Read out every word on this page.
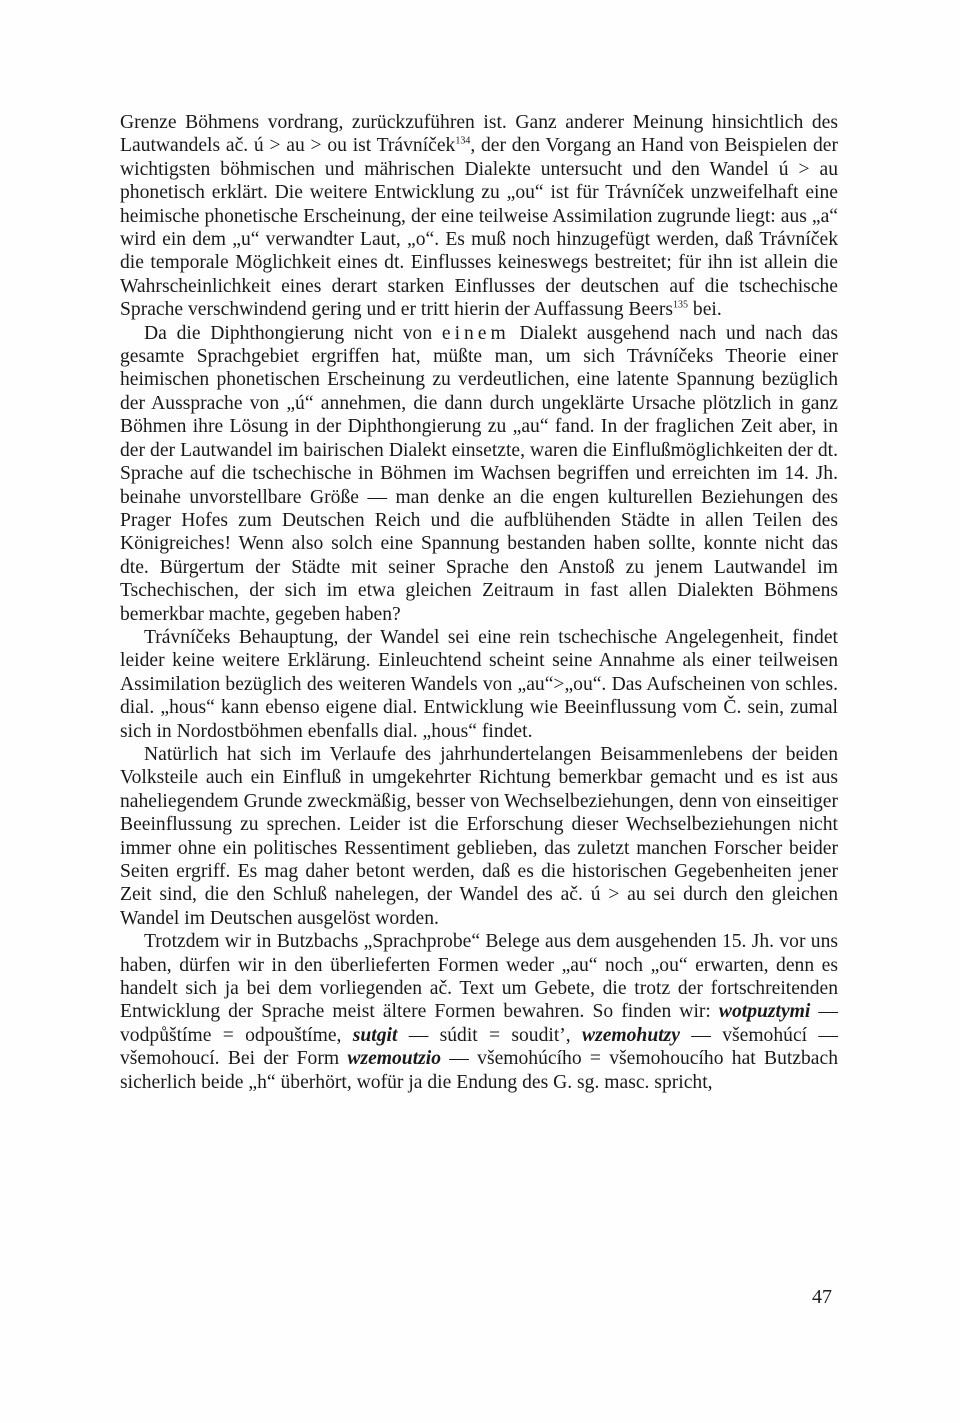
Grenze Böhmens vordrang, zurückzuführen ist. Ganz anderer Meinung hinsichtlich des Lautwandels ač. ú > au > ou ist Trávníček$^{134}$, der den Vorgang an Hand von Beispielen der wichtigsten böhmischen und mährischen Dialekte untersucht und den Wandel ú > au phonetisch erklärt. Die weitere Entwicklung zu „ou“ ist für Trávníček unzweifelhaft eine heimische phonetische Erscheinung, der eine teilweise Assimilation zugrunde liegt: aus „a“ wird ein dem „u“ verwandter Laut, „o“. Es muß noch hinzugefügt werden, daß Trávníček die temporale Möglichkeit eines dt. Einflusses keineswegs bestreitet; für ihn ist allein die Wahrscheinlichkeit eines derart starken Einflusses der deutschen auf die tschechische Sprache verschwindend gering und er tritt hierin der Auffassung Beers$^{135}$ bei.

Da die Diphthongierung nicht von einem Dialekt ausgehend nach und nach das gesamte Sprachgebiet ergriffen hat, müßte man, um sich Trávníčeks Theorie einer heimischen phonetischen Erscheinung zu verdeutlichen, eine latente Spannung bezüglich der Aussprache von „ú“ annehmen, die dann durch ungeklärte Ursache plötzlich in ganz Böhmen ihre Lösung in der Diphthongierung zu „au“ fand. In der fraglichen Zeit aber, in der der Lautwandel im bairischen Dialekt einsetzte, waren die Einflußmöglichkeiten der dt. Sprache auf die tschechische in Böhmen im Wachsen begriffen und erreichten im 14. Jh. beinahe unvorstellbare Größe — man denke an die engen kulturellen Beziehungen des Prager Hofes zum Deutschen Reich und die aufblühenden Städte in allen Teilen des Königreiches! Wenn also solch eine Spannung bestanden haben sollte, konnte nicht das dte. Bürgertum der Städte mit seiner Sprache den Anstoß zu jenem Lautwandel im Tschechischen, der sich im etwa gleichen Zeitraum in fast allen Dialekten Böhmens bemerkbar machte, gegeben haben?

Trávníčeks Behauptung, der Wandel sei eine rein tschechische Angelegenheit, findet leider keine weitere Erklärung. Einleuchtend scheint seine Annahme als einer teilweisen Assimilation bezüglich des weiteren Wandels von „au“>„ou“. Das Aufscheinen von schles. dial. „hous“ kann ebenso eigene dial. Entwicklung wie Beeinflussung vom Č. sein, zumal sich in Nordostböhmen ebenfalls dial. „hous“ findet.

Natürlich hat sich im Verlaufe des jahrhundertelangen Beisammenlebens der beiden Volksteile auch ein Einfluß in umgekehrter Richtung bemerkbar gemacht und es ist aus naheliegendem Grunde zweckmäßig, besser von Wechselbeziehungen, denn von einseitiger Beeinflussung zu sprechen. Leider ist die Erforschung dieser Wechselbeziehungen nicht immer ohne ein politisches Ressentiment geblieben, das zuletzt manchen Forscher beider Seiten ergriff. Es mag daher betont werden, daß es die historischen Gegebenheiten jener Zeit sind, die den Schluß nahelegen, der Wandel des ač. ú > au sei durch den gleichen Wandel im Deutschen ausgelöst worden.

Trotzdem wir in Butzbachs „Sprachprobe“ Belege aus dem ausgehenden 15. Jh. vor uns haben, dürfen wir in den überlieferten Formen weder „au“ noch „ou“ erwarten, denn es handelt sich ja bei dem vorliegenden ač. Text um Gebete, die trotz der fortschreitenden Entwicklung der Sprache meist ältere Formen bewahren. So finden wir: wotpuztymi — vodpůštíme = odpouštíme, sutgit — súdit = soudit’, wzemohutzy — všemohúcí — všemohoucí. Bei der Form wzemoutzio — všemohúcího = všemohoucího hat Butzbach sicherlich beide „h“ überhört, wofür ja die Endung des G. sg. masc. spricht,

47
